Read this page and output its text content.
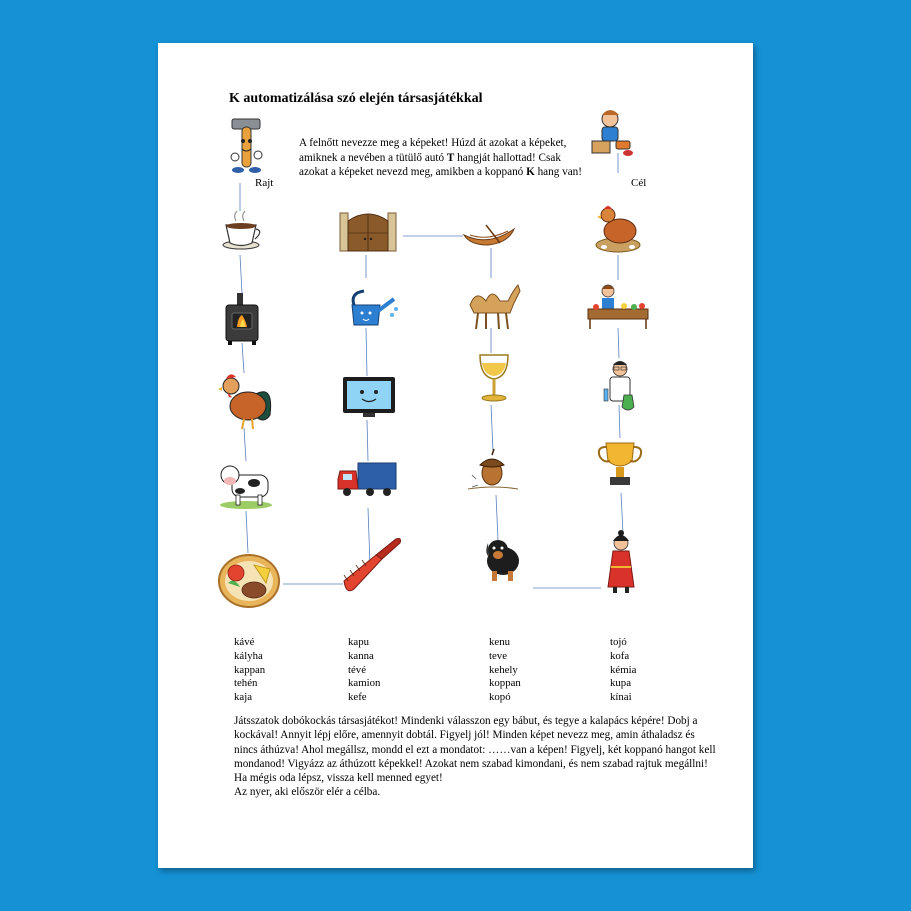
K automatizálása szó elején társasjátékkal
A felnőtt nevezze meg a képeket! Húzd át azokat a képeket, amiknek a nevében a tütülő autó T hangját hallottad! Csak azokat a képeket nevezd meg, amikben a koppanó K hang van!
Rajt	Cél
kávé
kályha
kappan
tehén
kaja
kapu
kanna
tévé
kamion
kefe
kenu
teve
kehely
koppan
kopó
tojó
kofa
kémia
kupa
kínai

Játsszatok dobókockás társasjátékot! Mindenki válasszon egy bábut, és tegye a kalapács képére! Dobj a kockával! Annyit lépj előre, amennyit dobtál. Figyelj jól! Minden képet nevezz meg, amin áthaladsz és nincs áthúzva! Ahol megállsz, mondd el ezt a mondatot: ……van a képen! Figyelj, két koppanó hangot kell mondanod! Vigyázz az áthúzott képekkel! Azokat nem szabad kimondani, és nem szabad rajtuk megállni! Ha mégis oda lépsz, vissza kell menned egyet!

Az nyer, aki először elér a célba.
